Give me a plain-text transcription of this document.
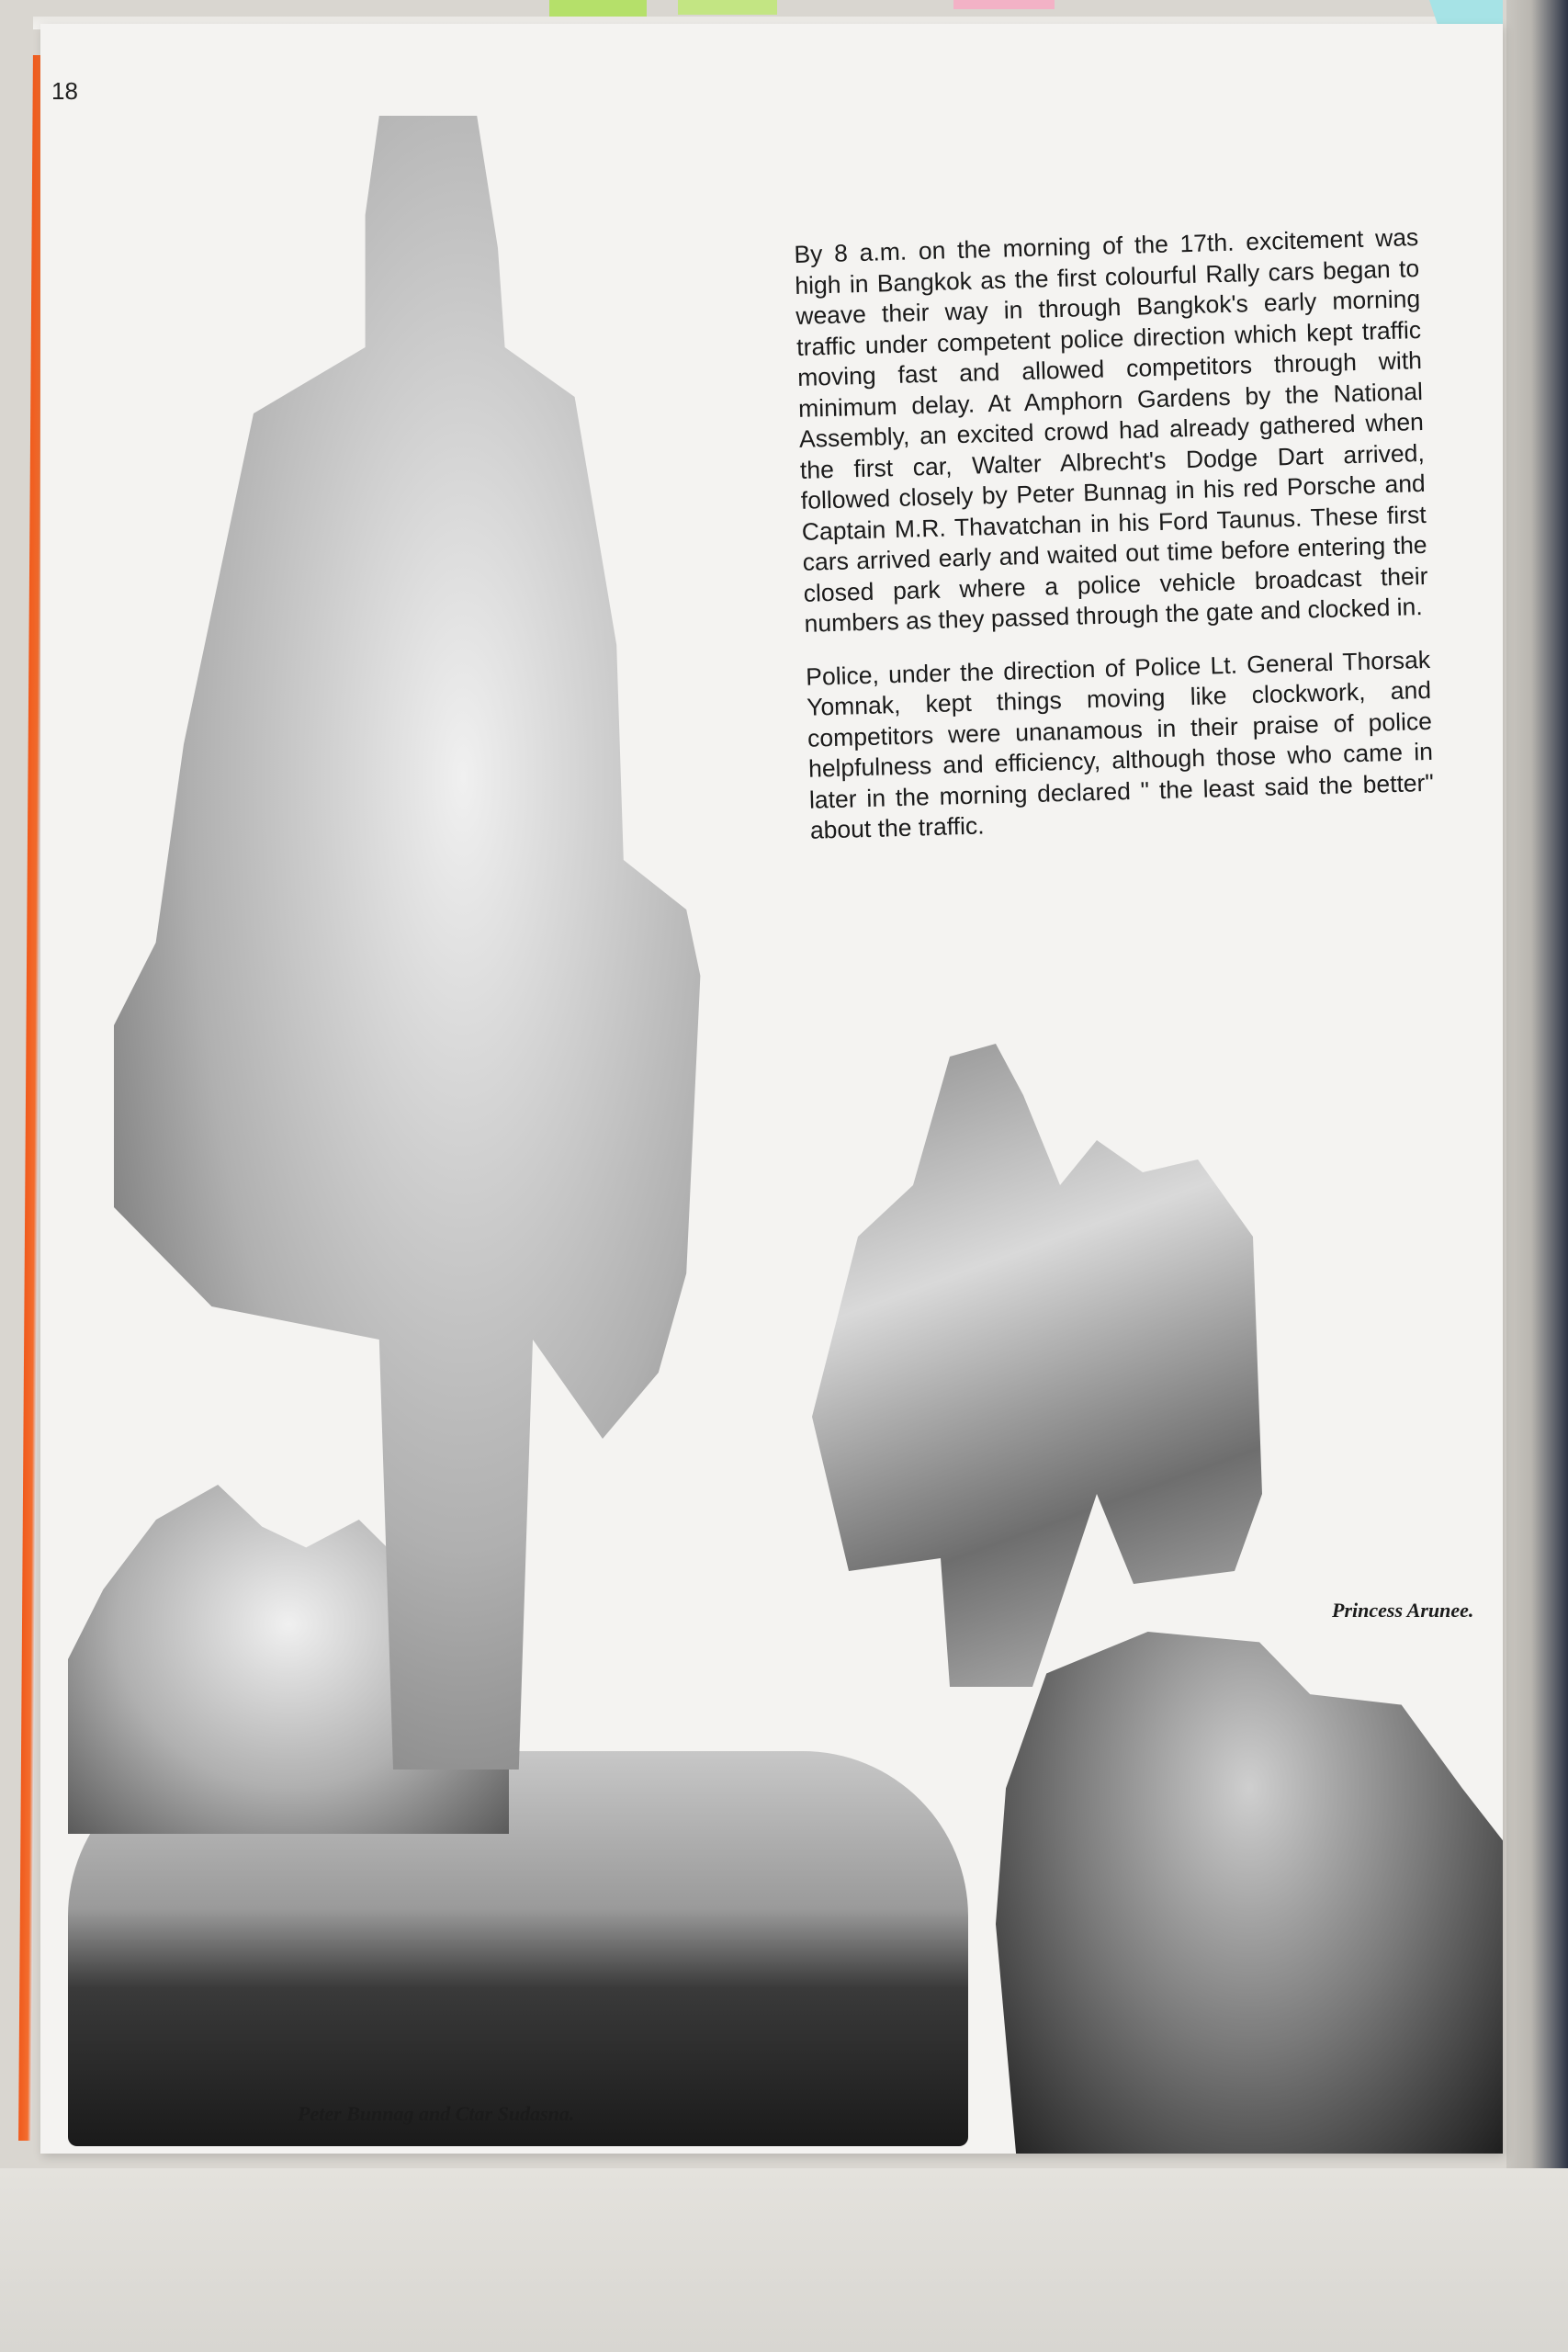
18

By 8 a.m. on the morning of the 17th. excitement was high in Bangkok as the first colourful Rally cars began to weave their way in through Bangkok's early morning traffic under competent police direction which kept traffic moving fast and allowed competitors through with minimum delay. At Amphorn Gardens by the National Assembly, an excited crowd had already gathered when the first car, Walter Albrecht's Dodge Dart arrived, followed closely by Peter Bunnag in his red Porsche and Captain M.R. Thavatchan in his Ford Taunus. These first cars arrived early and waited out time before entering the closed park where a police vehicle broadcast their numbers as they passed through the gate and clocked in.

Police, under the direction of Police Lt. General Thorsak Yomnak, kept things moving like clockwork, and competitors were unanamous in their praise of police helpfulness and efficiency, although those who came in later in the morning declared " the least said the better" about the traffic.

Princess Arunee.
Peter Bunnag and Ctar Sudasna.
